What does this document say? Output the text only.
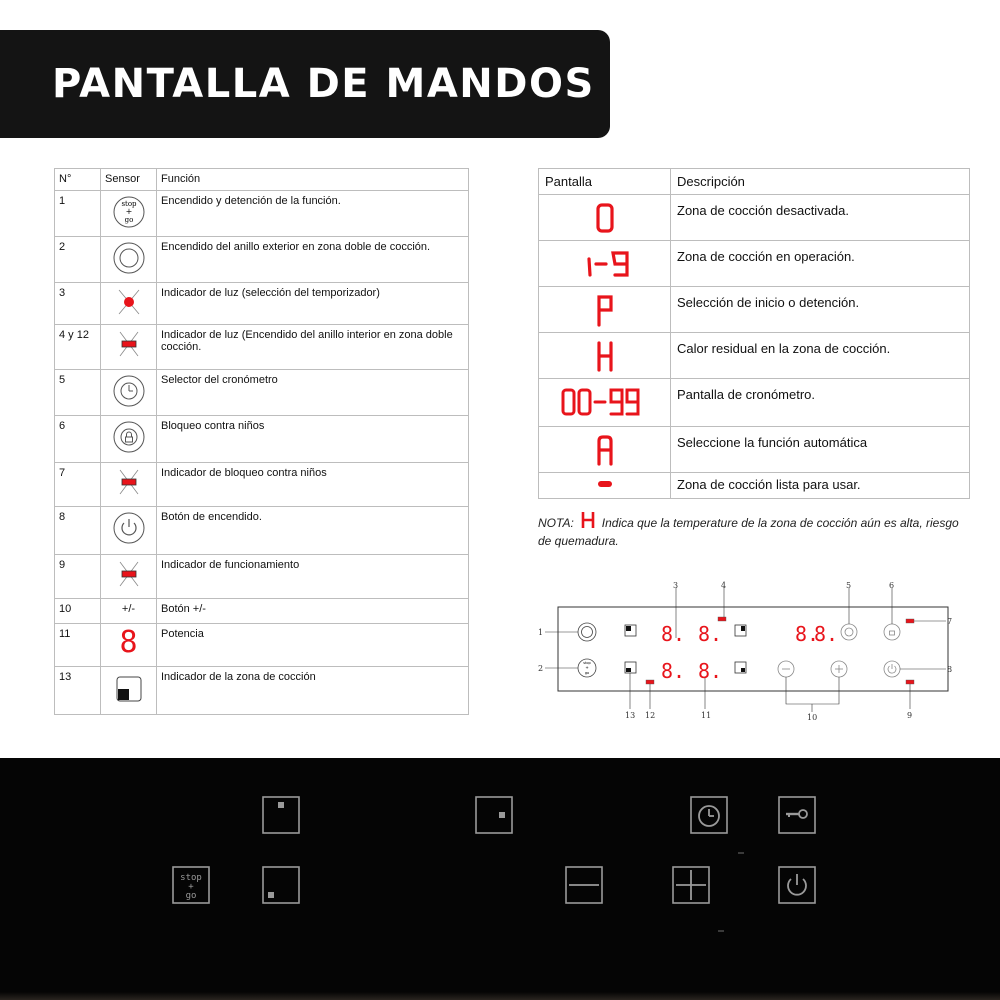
PANTALLA DE MANDOS
N°	Sensor	Función
1	stop
+
go	Encendido y detención de la función.
2		Encendido del anillo exterior en zona doble de cocción.
3		Indicador de luz (selección del temporizador)
4 y 12		Indicador de luz (Encendido del anillo interior en zona doble cocción.
5		Selector del cronómetro
6		Bloqueo contra niños
7		Indicador de bloqueo contra niños
8		Botón de encendido.
9		Indicador de funcionamiento
10	+/-	Botón +/-
11	8	Potencia
13		Indicador de la zona de cocción
Pantalla	Descripción
	Zona de cocción desactivada.
	Zona de cocción en operación.
	Selección de inicio o detención.
	Calor residual en la zona de cocción.
	Pantalla de cronómetro.
	Seleccione la función automática
	Zona de cocción lista para usar.
NOTA: Indica que la temperature de la zona de cocción aún es alta, riesgo de quemadura.
stop
+
go
8. 8.
8. 8.
8.
8.
1
2
3	4	5	6
7
8
9
10
11
12
13
stop
+
go
